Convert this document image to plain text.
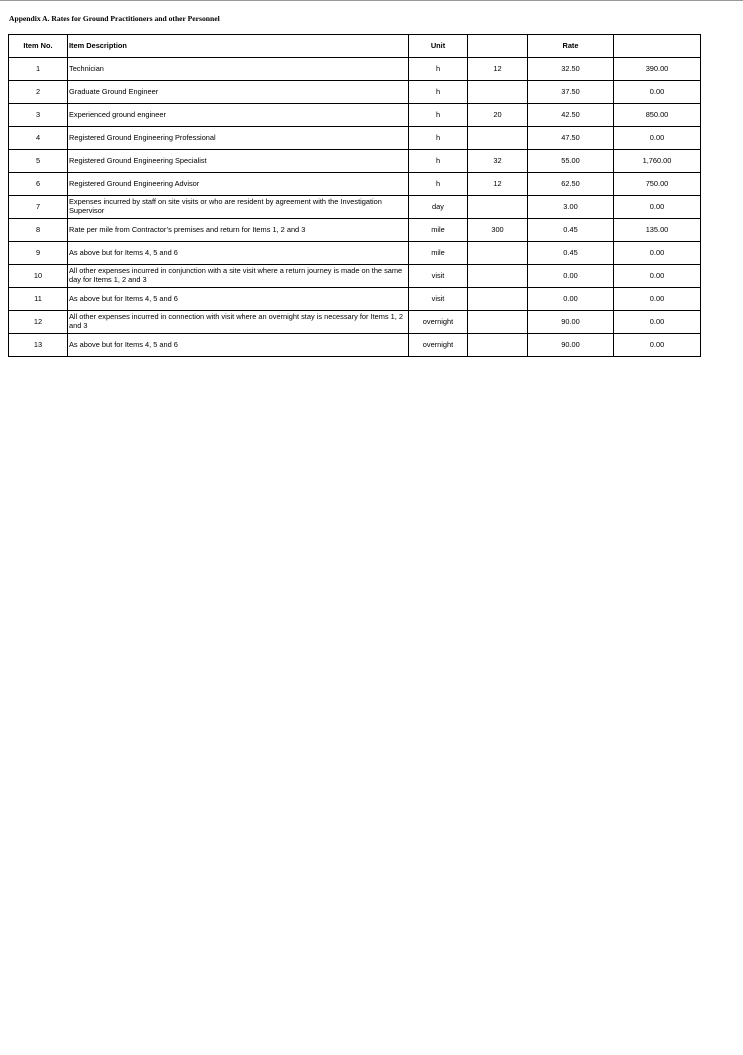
Appendix A. Rates for Ground Practitioners and other Personnel
Item No.	Item Description	Unit		Rate	
1	Technician	h	12	32.50	390.00
2	Graduate Ground Engineer	h		37.50	0.00
3	Experienced ground engineer	h	20	42.50	850.00
4	Registered Ground Engineering Professional	h		47.50	0.00
5	Registered Ground Engineering Specialist	h	32	55.00	1,760.00
6	Registered Ground Engineering Advisor	h	12	62.50	750.00
7	Expenses incurred by staff on site visits or who are resident by agreement with the Investigation Supervisor	day		3.00	0.00
8	Rate per mile from Contractor’s premises and return for Items 1, 2 and 3	mile	300	0.45	135.00
9	As above but for Items 4, 5 and 6	mile		0.45	0.00
10	All other expenses incurred in conjunction with a site visit where a return journey is made on the same day for Items 1, 2 and 3	visit		0.00	0.00
11	As above but for Items 4, 5 and 6	visit		0.00	0.00
12	All other expenses incurred in connection with visit where an overnight stay is necessary for Items 1, 2 and 3	overnight		90.00	0.00
13	As above but for Items 4, 5 and 6	overnight		90.00	0.00
